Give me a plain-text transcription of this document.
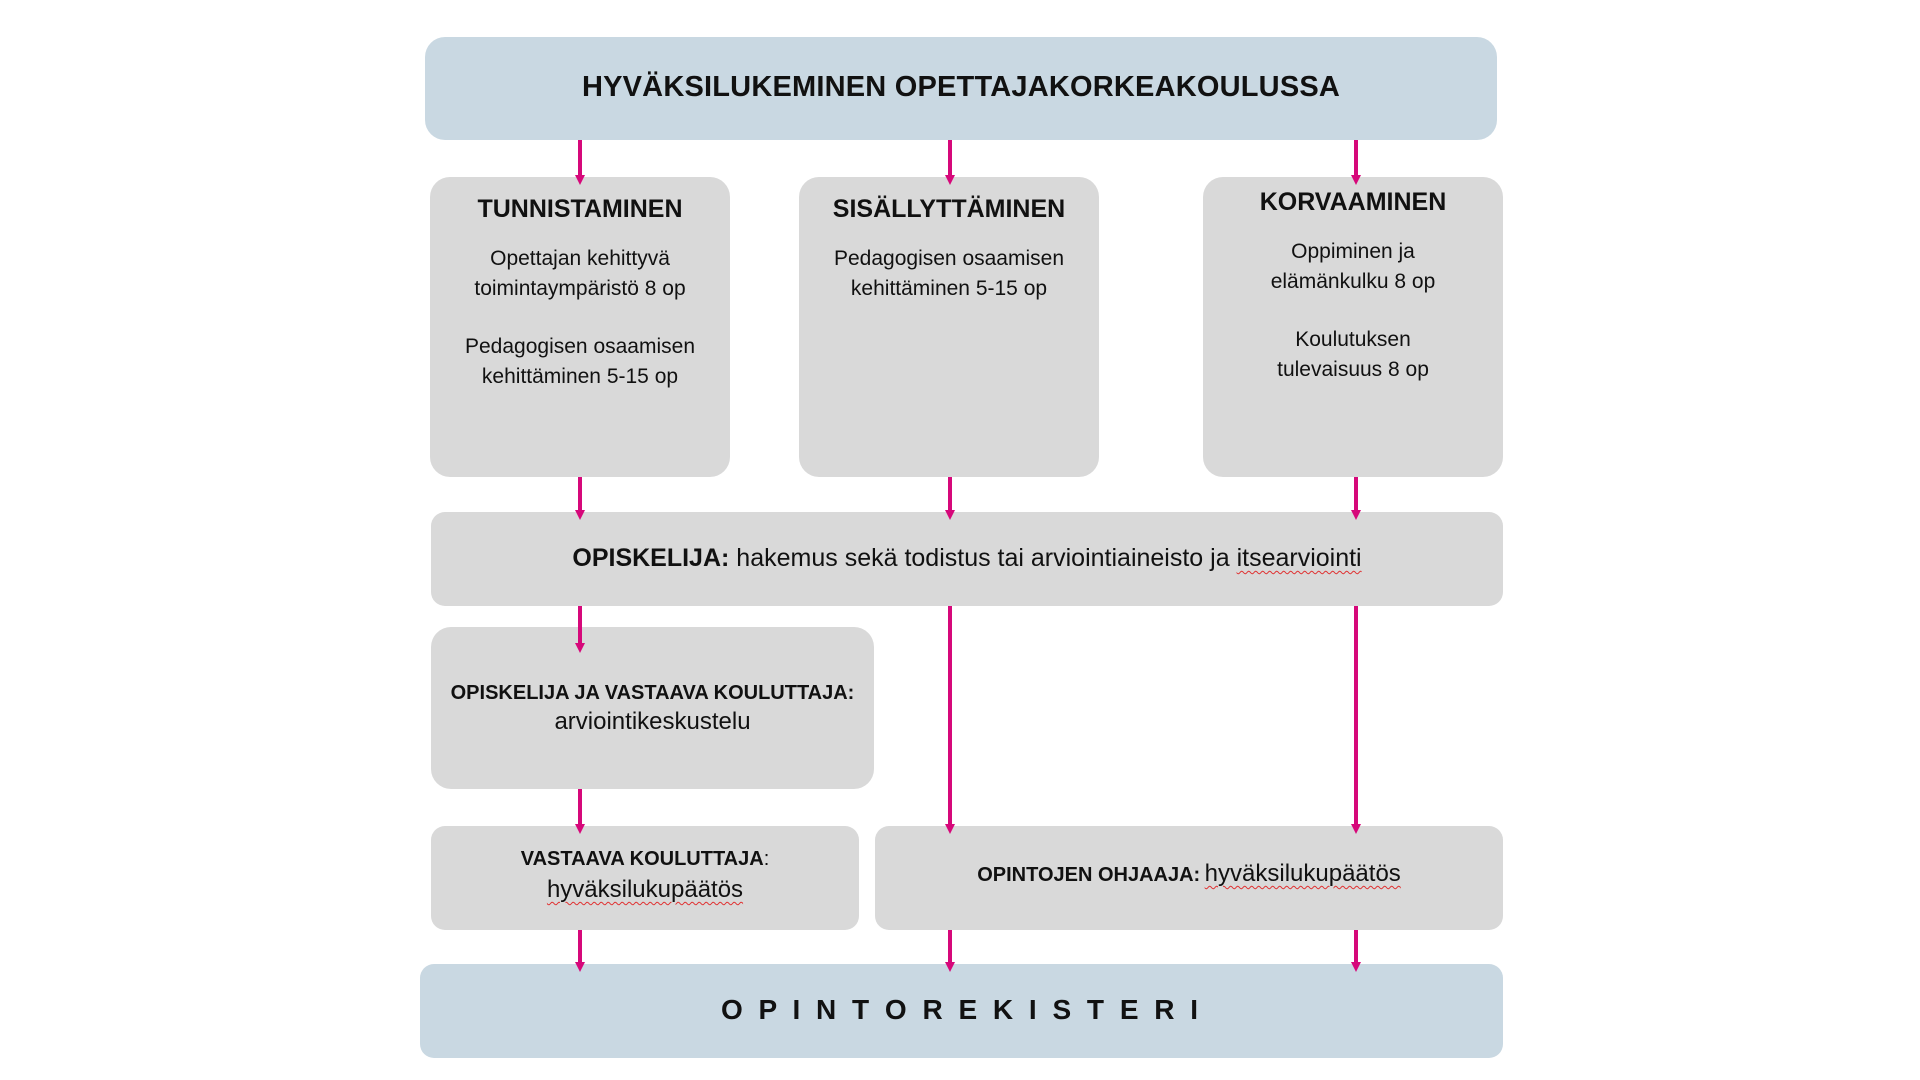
HYVÄKSILUKEMINEN OPETTAJAKORKEAKOULUSSA
TUNNISTAMINEN
Opettajan kehittyvä
toimintaympäristö 8 op
Pedagogisen osaamisen
kehittäminen 5-15 op
SISÄLLYTTÄMINEN
Pedagogisen osaamisen
kehittäminen 5-15 op
KORVAAMINEN
Oppiminen ja
elämänkulku 8 op
Koulutuksen
tulevaisuus 8 op
OPISKELIJA: hakemus sekä todistus tai arviointiaineisto ja itsearviointi
OPISKELIJA JA VASTAAVA KOULUTTAJA:
arviointikeskustelu
VASTAAVA KOULUTTAJA:
hyväksilukupäätös
OPINTOJEN OHJAAJA: hyväksilukupäätös
O P I N T O R E K I S T E R I
